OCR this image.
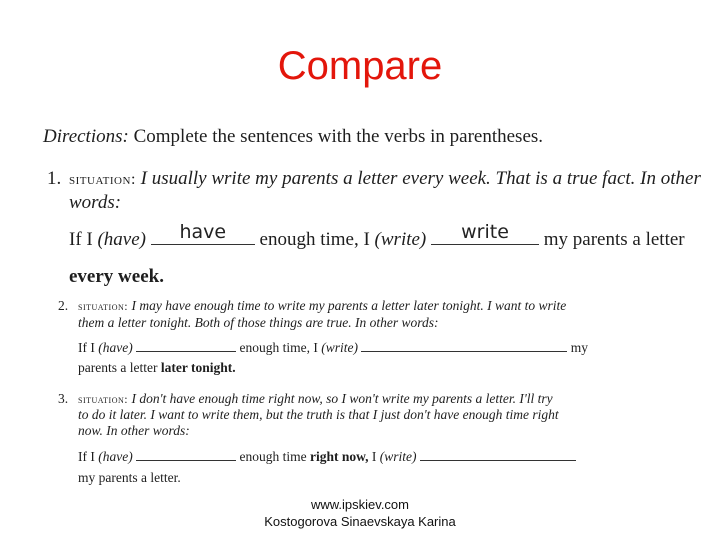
Compare
Directions: Complete the sentences with the verbs in parentheses.
1. situation: I usually write my parents a letter every week. That is a true fact. In other
words:
If I (have)	have	enough time, I (write)	write	my parents a letter
every week.
2. situation: I may have enough time to write my parents a letter later tonight. I want to write
them a letter tonight. Both of those things are true. In other words:
If I (have)	enough time, I (write)	my
parents a letter later tonight.
3. situation: I don't have enough time right now, so I won't write my parents a letter. I'll try
to do it later. I want to write them, but the truth is that I just don't have enough time right
now. In other words:
If I (have)	enough time right now, I (write)
my parents a letter.
www.ipskiev.com
Kostogorova Sinaevskaya Karina
